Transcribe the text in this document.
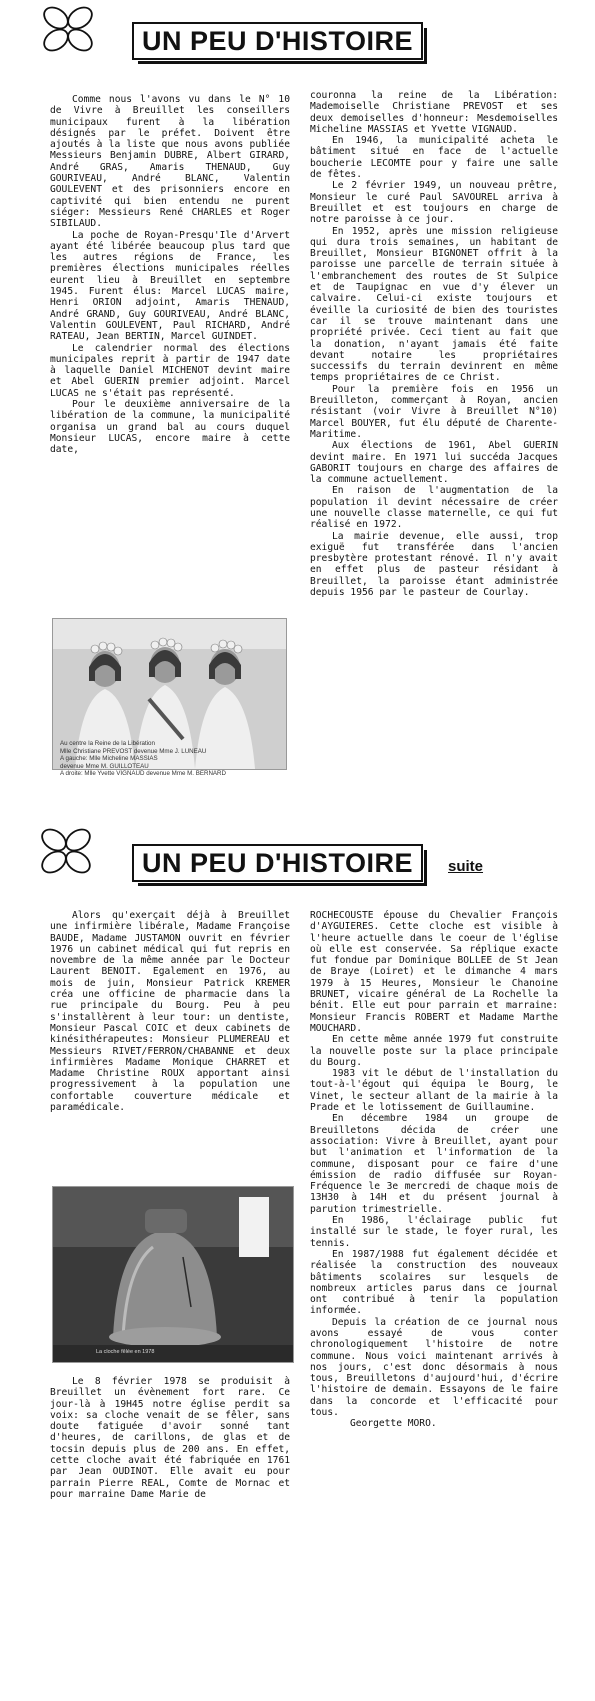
UN PEU D'HISTOIRE

Comme nous l'avons vu dans le N° 10 de Vivre à Breuillet les conseillers municipaux furent à la libération désignés par le préfet. Doivent être ajoutés à la liste que nous avons publiée Messieurs Benjamin DUBRE, Albert GIRARD, André GRAS, Amaris THENAUD, Guy GOURIVEAU, André BLANC, Valentin GOULEVENT et des prisonniers encore en captivité qui bien entendu ne purent siéger: Messieurs René CHARLES et Roger SIBILAUD.

La poche de Royan-Presqu'Ile d'Arvert ayant été libérée beaucoup plus tard que les autres régions de France, les premières élections municipales réelles eurent lieu à Breuillet en septembre 1945. Furent élus: Marcel LUCAS maire, Henri ORION adjoint, Amaris THENAUD, André GRAND, Guy GOURIVEAU, André BLANC, Valentin GOULEVENT, Paul RICHARD, André RATEAU, Jean BERTIN, Marcel GUINDET.

Le calendrier normal des élections municipales reprit à partir de 1947 date à laquelle Daniel MICHENOT devint maire et Abel GUERIN premier adjoint. Marcel LUCAS ne s'était pas représenté.

Pour le deuxième anniversaire de la libération de la commune, la municipalité organisa un grand bal au cours duquel Monsieur LUCAS, encore maire à cette date,

couronna la reine de la Libération: Mademoiselle Christiane PREVOST et ses deux demoiselles d'honneur: Mesdemoiselles Micheline MASSIAS et Yvette VIGNAUD.

En 1946, la municipalité acheta le bâtiment situé en face de l'actuelle boucherie LECOMTE pour y faire une salle de fêtes.

Le 2 février 1949, un nouveau prêtre, Monsieur le curé Paul SAVOUREL arriva à Breuillet et est toujours en charge de notre paroisse à ce jour.

En 1952, après une mission religieuse qui dura trois semaines, un habitant de Breuillet, Monsieur BIGNONET offrit à la paroisse une parcelle de terrain située à l'embranchement des routes de St Sulpice et de Taupignac en vue d'y élever un calvaire. Celui-ci existe toujours et éveille la curiosité de bien des touristes car il se trouve maintenant dans une propriété privée. Ceci tient au fait que la donation, n'ayant jamais été faite devant notaire les propriétaires successifs du terrain devinrent en même temps propriétaires de ce Christ.

Pour la première fois en 1956 un Breuilleton, commerçant à Royan, ancien résistant (voir Vivre à Breuillet N°10) Marcel BOUYER, fut élu député de Charente-Maritime.

Aux élections de 1961, Abel GUERIN devint maire. En 1971 lui succéda Jacques GABORIT toujours en charge des affaires de la commune actuellement.

En raison de l'augmentation de la population il devint nécessaire de créer une nouvelle classe maternelle, ce qui fut réalisé en 1972.

La mairie devenue, elle aussi, trop exiguë fut transférée dans l'ancien presbytère protestant rénové. Il n'y avait en effet plus de pasteur résidant à Breuillet, la paroisse étant administrée depuis 1956 par le pasteur de Courlay.

Au centre la Reine de la Libération
Mlle Christiane PREVOST devenue Mme J. LUNEAU
A gauche: Mlle Micheline MASSIAS
devenue Mme M. GUILLOTEAU
A droite: Mlle Yvette VIGNAUD devenue Mme M. BERNARD
UN PEU D'HISTOIRE	suite

Alors qu'exerçait déjà à Breuillet une infirmière libérale, Madame Françoise BAUDE, Madame JUSTAMON ouvrit en février 1976 un cabinet médical qui fut repris en novembre de la même année par le Docteur Laurent BENOIT. Egalement en 1976, au mois de juin, Monsieur Patrick KREMER créa une officine de pharmacie dans la rue principale du Bourg. Peu à peu s'installèrent à leur tour: un dentiste, Monsieur Pascal COIC et deux cabinets de kinésithérapeutes: Monsieur PLUMEREAU et Messieurs RIVET/FERRON/CHABANNE et deux infirmières Madame Monique CHARRET et Madame Christine ROUX apportant ainsi progressivement à la population une confortable couverture médicale et paramédicale.

La cloche fêlée en 1978

Le 8 février 1978 se produisit à Breuillet un évènement fort rare. Ce jour-là à 19H45 notre église perdit sa voix: sa cloche venait de se fêler, sans doute fatiguée d'avoir sonné tant d'heures, de carillons, de glas et de tocsin depuis plus de 200 ans. En effet, cette cloche avait été fabriquée en 1761 par Jean OUDINOT. Elle avait eu pour parrain Pierre REAL, Comte de Mornac et pour marraine Dame Marie de

ROCHECOUSTE épouse du Chevalier François d'AYGUIERES. Cette cloche est visible à l'heure actuelle dans le coeur de l'église où elle est conservée. Sa réplique exacte fut fondue par Dominique BOLLEE de St Jean de Braye (Loiret) et le dimanche 4 mars 1979 à 15 Heures, Monsieur le Chanoine BRUNET, vicaire général de La Rochelle la bénit. Elle eut pour parrain et marraine: Monsieur Francis ROBERT et Madame Marthe MOUCHARD.

En cette même année 1979 fut construite la nouvelle poste sur la place principale du Bourg.

1983 vit le début de l'installation du tout-à-l'égout qui équipa le Bourg, le Vinet, le secteur allant de la mairie à la Prade et le lotissement de Guillaumine.

En décembre 1984 un groupe de Breuilletons décida de créer une association: Vivre à Breuillet, ayant pour but l'animation et l'information de la commune, disposant pour ce faire d'une émission de radio diffusée sur Royan-Fréquence le 3e mercredi de chaque mois de 13H30 à 14H et du présent journal à parution trimestrielle.

En 1986, l'éclairage public fut installé sur le stade, le foyer rural, les tennis.

En 1987/1988 fut également décidée et réalisée la construction des nouveaux bâtiments scolaires sur lesquels de nombreux articles parus dans ce journal ont contribué à tenir la population informée.

Depuis la création de ce journal nous avons essayé de vous conter chronologiquement l'histoire de notre commune. Nous voici maintenant arrivés à nos jours, c'est donc désormais à nous tous, Breuilletons d'aujourd'hui, d'écrire l'histoire de demain. Essayons de le faire dans la concorde et l'efficacité pour tous.

Georgette MORO.
